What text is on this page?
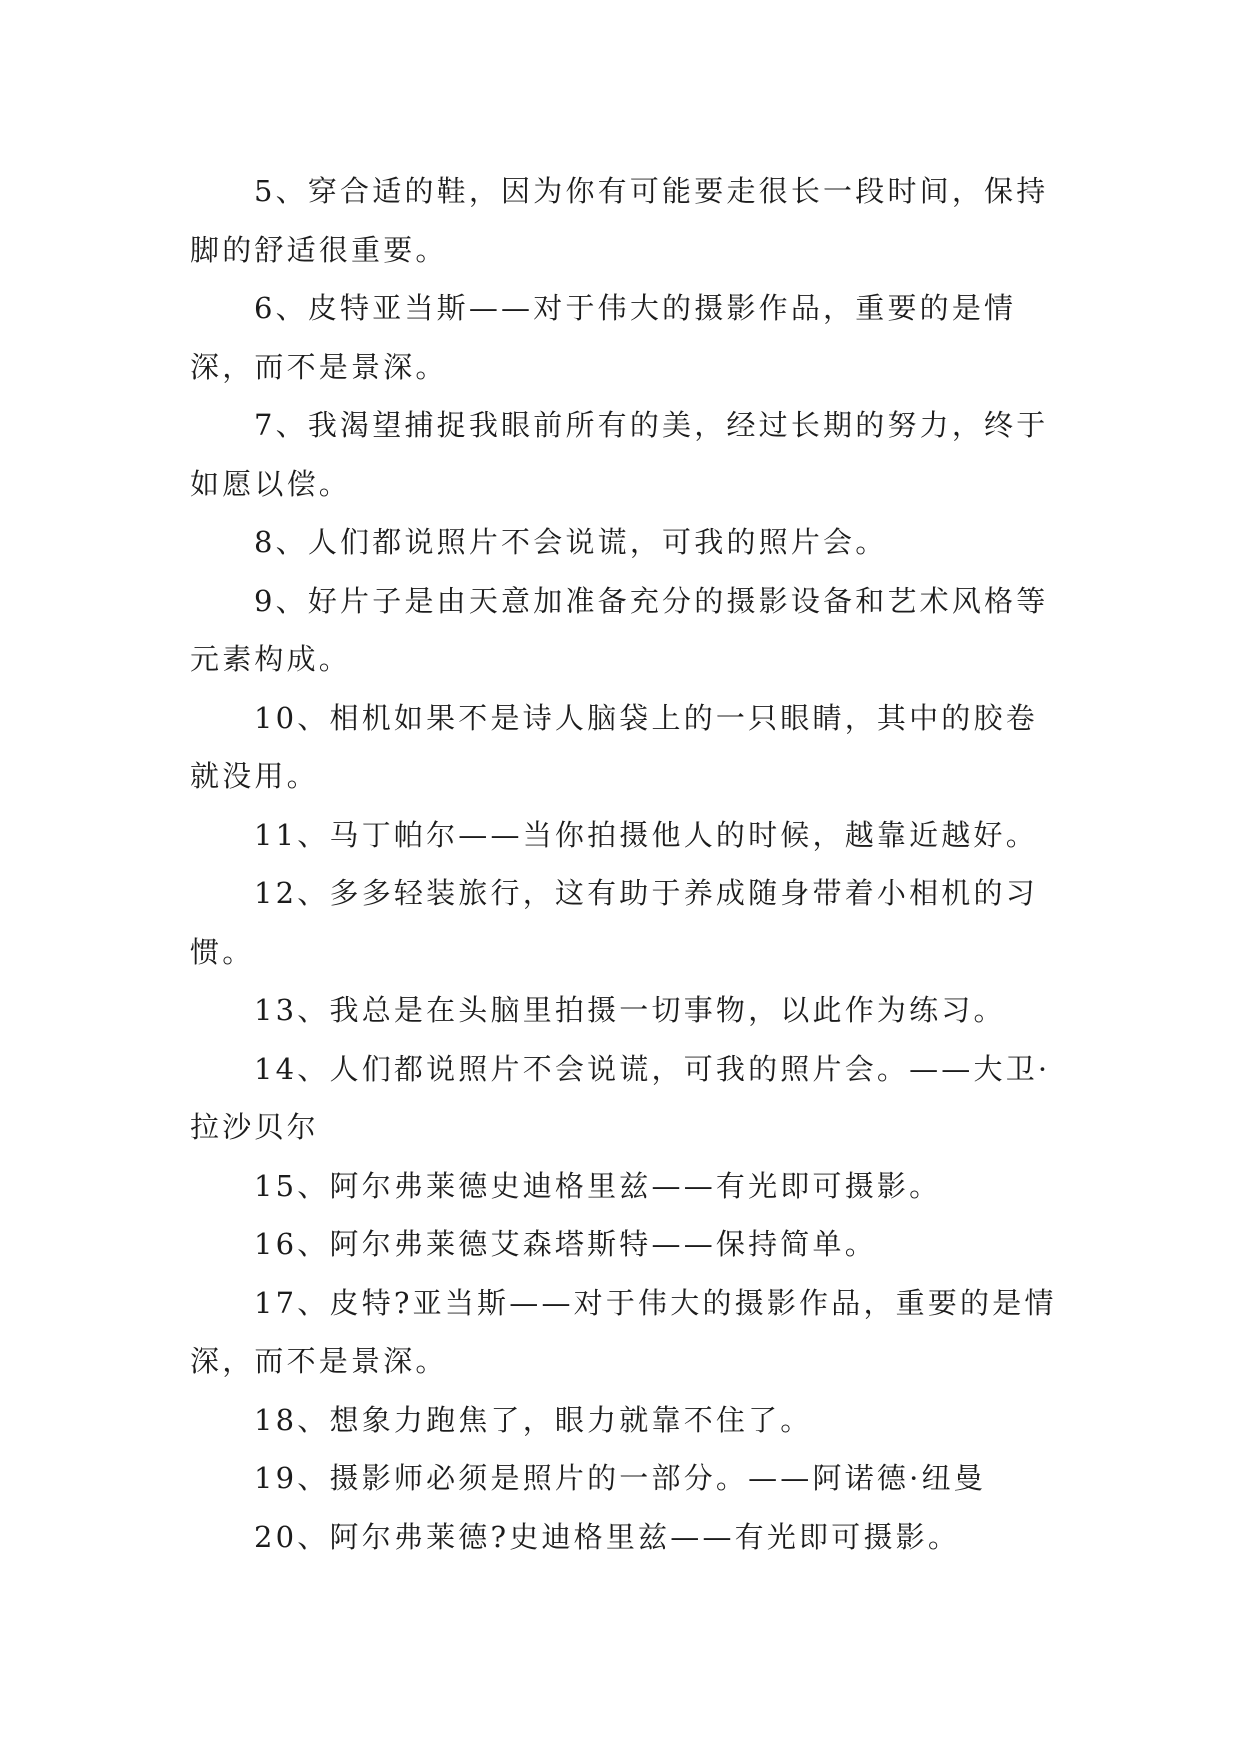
5、穿合适的鞋，因为你有可能要走很长一段时间，保持脚的舒适很重要。

6、皮特亚当斯——对于伟大的摄影作品，重要的是情深，而不是景深。

7、我渴望捕捉我眼前所有的美，经过长期的努力，终于如愿以偿。

8、人们都说照片不会说谎，可我的照片会。

9、好片子是由天意加准备充分的摄影设备和艺术风格等元素构成。

10、相机如果不是诗人脑袋上的一只眼睛，其中的胶卷就没用。

11、马丁帕尔——当你拍摄他人的时候，越靠近越好。

12、多多轻装旅行，这有助于养成随身带着小相机的习惯。

13、我总是在头脑里拍摄一切事物，以此作为练习。

14、人们都说照片不会说谎，可我的照片会。——大卫·拉沙贝尔

15、阿尔弗莱德史迪格里兹——有光即可摄影。

16、阿尔弗莱德艾森塔斯特——保持简单。

17、皮特?亚当斯——对于伟大的摄影作品，重要的是情深，而不是景深。

18、想象力跑焦了，眼力就靠不住了。

19、摄影师必须是照片的一部分。——阿诺德·纽曼

20、阿尔弗莱德?史迪格里兹——有光即可摄影。
